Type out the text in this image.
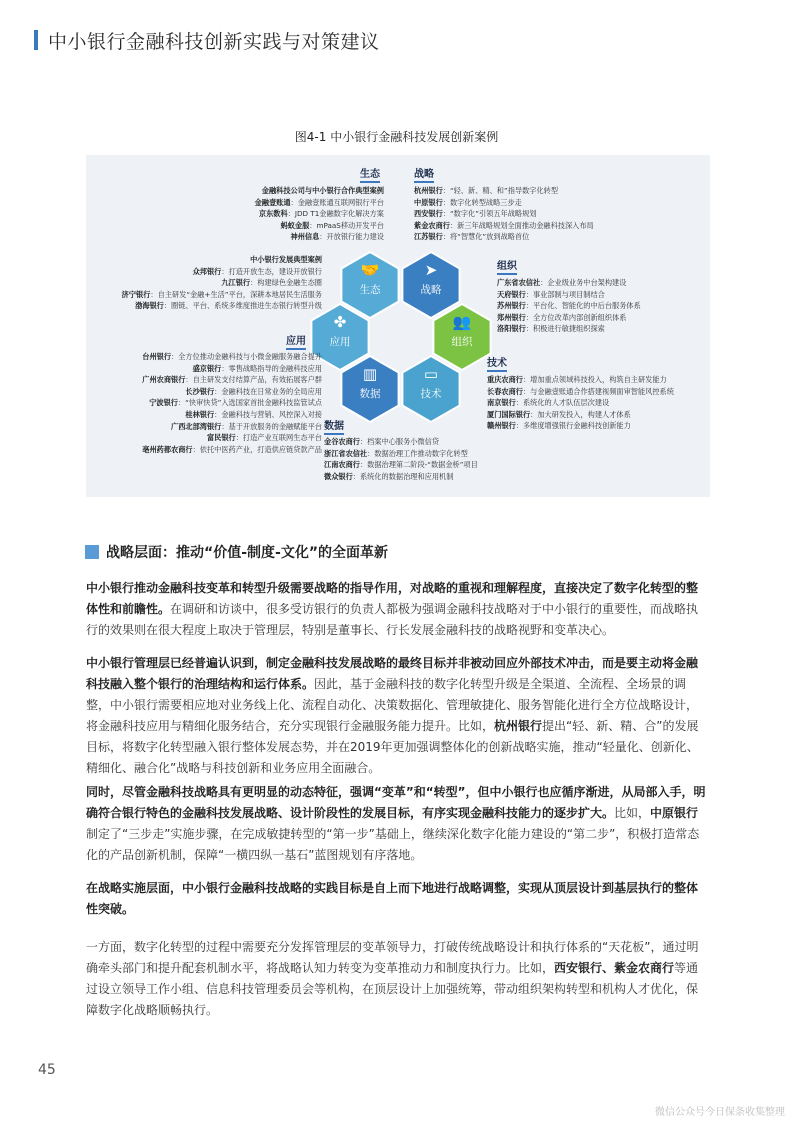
中小银行金融科技创新实践与对策建议
图4-1 中小银行金融科技发展创新案例
🤝
生态
➤
战略
✤
应用
👥
组织
▥
数据
▭
技术
生态
金融科技公司与中小银行合作典型案例
金融壹账通：金融壹账通互联网银行平台
京东数科：JDD T1金融数字化解决方案
蚂蚁金服：mPaaS移动开发平台
神州信息：开放银行能力建设
中小银行发展典型案例
众邦银行：打造开放生态，建设开放银行
九江银行：构建绿色金融生态圈
济宁银行：自主研发“金融+生活”平台，深耕本地居民生活服务
渤海银行：圈链、平台、系统多维度推进生态银行转型升级
战略
杭州银行：“轻、新、精、和”指导数字化转型
中原银行：数字化转型战略三步走
西安银行：“数字化”引领五年战略规划
紫金农商行：新三年战略规划全面推动金融科技深入布局
江苏银行：将“智慧化”放到战略首位
组织
广东省农信社：企业级业务中台架构建设
天府银行：事业部制与项目制结合
苏州银行：平台化、智能化的中后台服务体系
郑州银行：全方位改革内部创新组织体系
洛阳银行：积极进行敏捷组织探索
应用
台州银行：全方位推动金融科技与小微金融服务融合提升
盛京银行：零售战略指导的金融科技应用
广州农商银行：自主研发支付结算产品，有效拓展客户群
长沙银行：金融科技在日常业务的全局应用
宁波银行：“快审快贷”入选国家首批金融科技监管试点
桂林银行：金融科技与营销、风控深入对接
广西北部湾银行：基于开放服务的金融赋能平台
富民银行：打造产业互联网生态平台
亳州药都农商行：依托中医药产业，打造供应链贷款产品
技术
重庆农商行：增加重点领域科技投入，构筑自主研发能力
长春农商行：与金融壹账通合作搭建视频面审智能风控系统
南京银行：系统化的人才队伍层次建设
厦门国际银行：加大研发投入，构建人才体系
赣州银行：多维度增强银行金融科技创新能力
数据
金谷农商行：档案中心服务小微信贷
浙江省农信社：数据治理工作推动数字化转型
江南农商行：数据治理第二阶段-“数据金桥”项目
微众银行：系统化的数据治理和应用机制
战略层面：推动“价值-制度-文化”的全面革新
中小银行推动金融科技变革和转型升级需要战略的指导作用，对战略的重视和理解程度，直接决定了数字化转型的整体性和前瞻性。在调研和访谈中，很多受访银行的负责人都极为强调金融科技战略对于中小银行的重要性，而战略执行的效果则在很大程度上取决于管理层，特别是董事长、行长发展金融科技的战略视野和变革决心。
中小银行管理层已经普遍认识到，制定金融科技发展战略的最终目标并非被动回应外部技术冲击，而是要主动将金融科技融入整个银行的治理结构和运行体系。因此，基于金融科技的数字化转型升级是全渠道、全流程、全场景的调整，中小银行需要相应地对业务线上化、流程自动化、决策数据化、管理敏捷化、服务智能化进行全方位战略设计，将金融科技应用与精细化服务结合，充分实现银行金融服务能力提升。比如，杭州银行提出“轻、新、精、合”的发展目标，将数字化转型融入银行整体发展态势，并在2019年更加强调整体化的创新战略实施，推动“轻量化、创新化、精细化、融合化”战略与科技创新和业务应用全面融合。
同时，尽管金融科技战略具有更明显的动态特征，强调“变革”和“转型”，但中小银行也应循序渐进，从局部入手，明确符合银行特色的金融科技发展战略、设计阶段性的发展目标，有序实现金融科技能力的逐步扩大。比如，中原银行制定了“三步走”实施步骤，在完成敏捷转型的“第一步”基础上，继续深化数字化能力建设的“第二步”，积极打造常态化的产品创新机制，保障“一横四纵一基石”蓝图规划有序落地。
在战略实施层面，中小银行金融科技战略的实践目标是自上而下地进行战略调整，实现从顶层设计到基层执行的整体性突破。
一方面，数字化转型的过程中需要充分发挥管理层的变革领导力，打破传统战略设计和执行体系的“天花板”，通过明确牵头部门和提升配套机制水平，将战略认知力转变为变革推动力和制度执行力。比如，西安银行、紫金农商行等通过设立领导工作小组、信息科技管理委员会等机构，在顶层设计上加强统筹，带动组织架构转型和机构人才优化，保障数字化战略顺畅执行。
45
微信公众号今日保条收集整理
